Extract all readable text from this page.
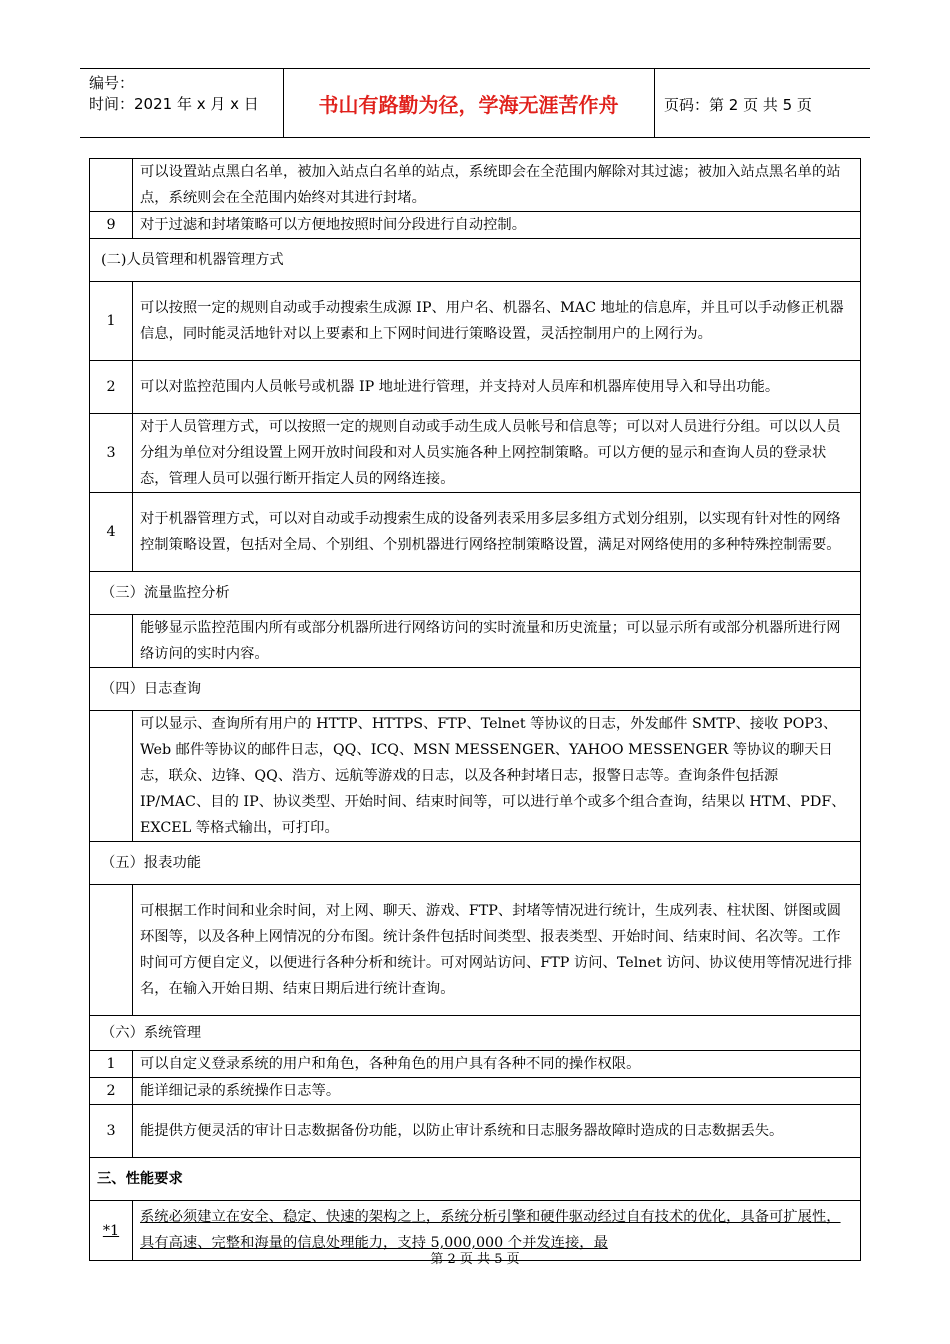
编号：
时间：2021 年 x 月 x 日	书山有路勤为径，学海无涯苦作舟	页码：第 2 页 共 5 页
	可以设置站点黑白名单，被加入站点白名单的站点，系统即会在全范围内解除对其过滤；被加入站点黑名单的站点，系统则会在全范围内始终对其进行封堵。
9	对于过滤和封堵策略可以方便地按照时间分段进行自动控制。
(二)人员管理和机器管理方式	
1	可以按照一定的规则自动或手动搜索生成源 IP、用户名、机器名、MAC 地址的信息库，并且可以手动修正机器信息，同时能灵活地针对以上要素和上下网时间进行策略设置，灵活控制用户的上网行为。
2	可以对监控范围内人员帐号或机器 IP 地址进行管理，并支持对人员库和机器库使用导入和导出功能。
3	对于人员管理方式，可以按照一定的规则自动或手动生成人员帐号和信息等；可以对人员进行分组。可以以人员分组为单位对分组设置上网开放时间段和对人员实施各种上网控制策略。可以方便的显示和查询人员的登录状态，管理人员可以强行断开指定人员的网络连接。
4	对于机器管理方式，可以对自动或手动搜索生成的设备列表采用多层多组方式划分组别，以实现有针对性的网络控制策略设置，包括对全局、个别组、个别机器进行网络控制策略设置，满足对网络使用的多种特殊控制需要。
（三）流量监控分析	
	能够显示监控范围内所有或部分机器所进行网络访问的实时流量和历史流量；可以显示所有或部分机器所进行网络访问的实时内容。
（四）日志查询	
	可以显示、查询所有用户的 HTTP、HTTPS、FTP、Telnet 等协议的日志，外发邮件 SMTP、接收 POP3、Web 邮件等协议的邮件日志，QQ、ICQ、MSN MESSENGER、YAHOO MESSENGER 等协议的聊天日志，联众、边锋、QQ、浩方、远航等游戏的日志，以及各种封堵日志，报警日志等。查询条件包括源 IP/MAC、目的 IP、协议类型、开始时间、结束时间等，可以进行单个或多个组合查询，结果以 HTM、PDF、EXCEL 等格式输出，可打印。
（五）报表功能	
	可根据工作时间和业余时间，对上网、聊天、游戏、FTP、封堵等情况进行统计，生成列表、柱状图、饼图或圆环图等，以及各种上网情况的分布图。统计条件包括时间类型、报表类型、开始时间、结束时间、名次等。工作时间可方便自定义，以便进行各种分析和统计。可对网站访问、FTP 访问、Telnet 访问、协议使用等情况进行排名，在输入开始日期、结束日期后进行统计查询。
（六）系统管理	
1	可以自定义登录系统的用户和角色，各种角色的用户具有各种不同的操作权限。
2	能详细记录的系统操作日志等。
3	能提供方便灵活的审计日志数据备份功能，以防止审计系统和日志服务器故障时造成的日志数据丢失。
三、性能要求	
*1	系统必须建立在安全、稳定、快速的架构之上，系统分析引擎和硬件驱动经过自有技术的优化，具备可扩展性，具有高速、完整和海量的信息处理能力，支持 5,000,000 个并发连接，最
第 2 页 共 5 页
